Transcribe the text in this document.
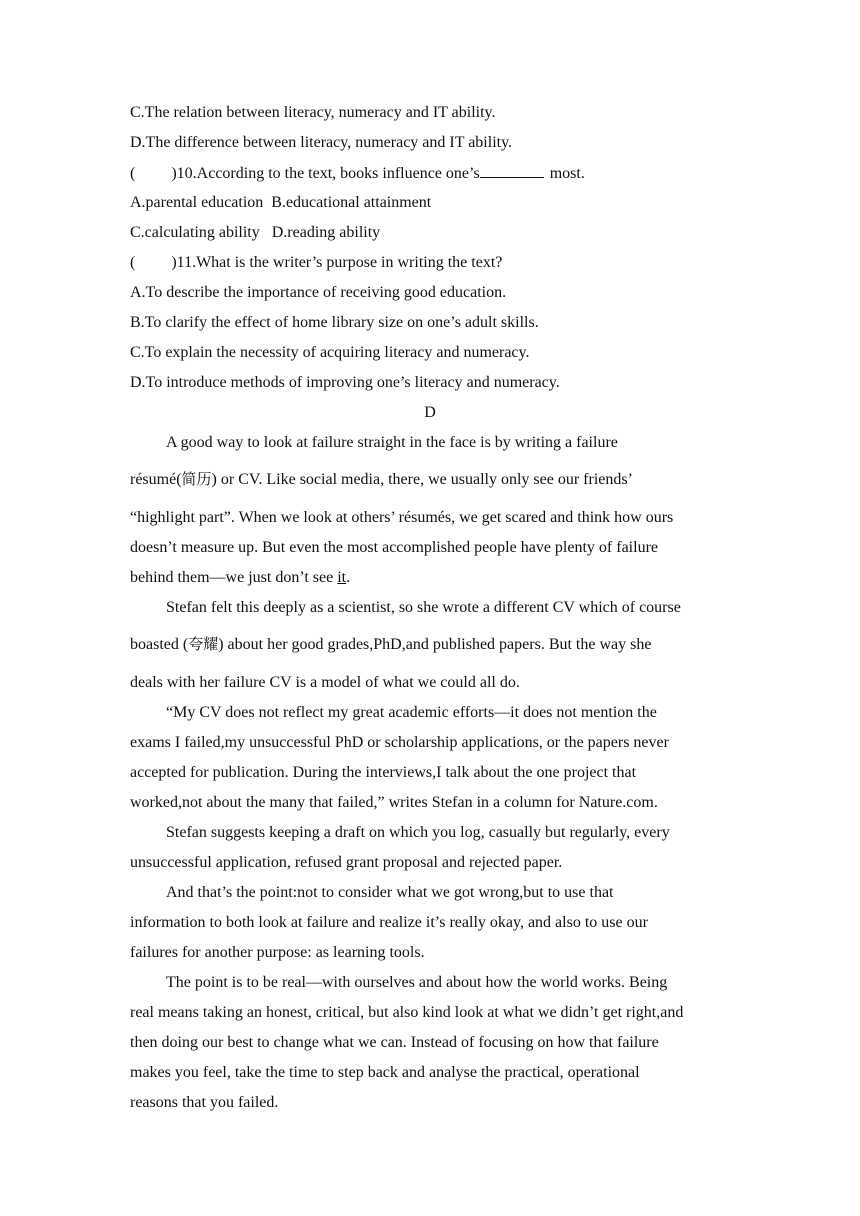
C.The relation between literacy, numeracy and IT ability.
D.The difference between literacy, numeracy and IT ability.
( )10.According to the text, books influence one’s	most.
A.parental education B.educational attainment
C.calculating ability D.reading ability
( )11.What is the writer’s purpose in writing the text?
A.To describe the importance of receiving good education.
B.To clarify the effect of home library size on one’s adult skills.
C.To explain the necessity of acquiring literacy and numeracy.
D.To introduce methods of improving one’s literacy and numeracy.
D
A good way to look at failure straight in the face is by writing a failure
résumé(简历) or CV. Like social media, there, we usually only see our friends’
“highlight part”. When we look at others’ résumés, we get scared and think how ours
doesn’t measure up. But even the most accomplished people have plenty of failure
behind them—we just don’t see it.
Stefan felt this deeply as a scientist, so she wrote a different CV which of course
boasted (夸耀) about her good grades,PhD,and published papers. But the way she
deals with her failure CV is a model of what we could all do.
“My CV does not reflect my great academic efforts—it does not mention the
exams I failed,my unsuccessful PhD or scholarship applications, or the papers never
accepted for publication. During the interviews,I talk about the one project that
worked,not about the many that failed,” writes Stefan in a column for Nature.com.
Stefan suggests keeping a draft on which you log, casually but regularly, every
unsuccessful application, refused grant proposal and rejected paper.
And that’s the point:not to consider what we got wrong,but to use that
information to both look at failure and realize it’s really okay, and also to use our
failures for another purpose: as learning tools.
The point is to be real—with ourselves and about how the world works. Being
real means taking an honest, critical, but also kind look at what we didn’t get right,and
then doing our best to change what we can. Instead of focusing on how that failure
makes you feel, take the time to step back and analyse the practical, operational
reasons that you failed.
